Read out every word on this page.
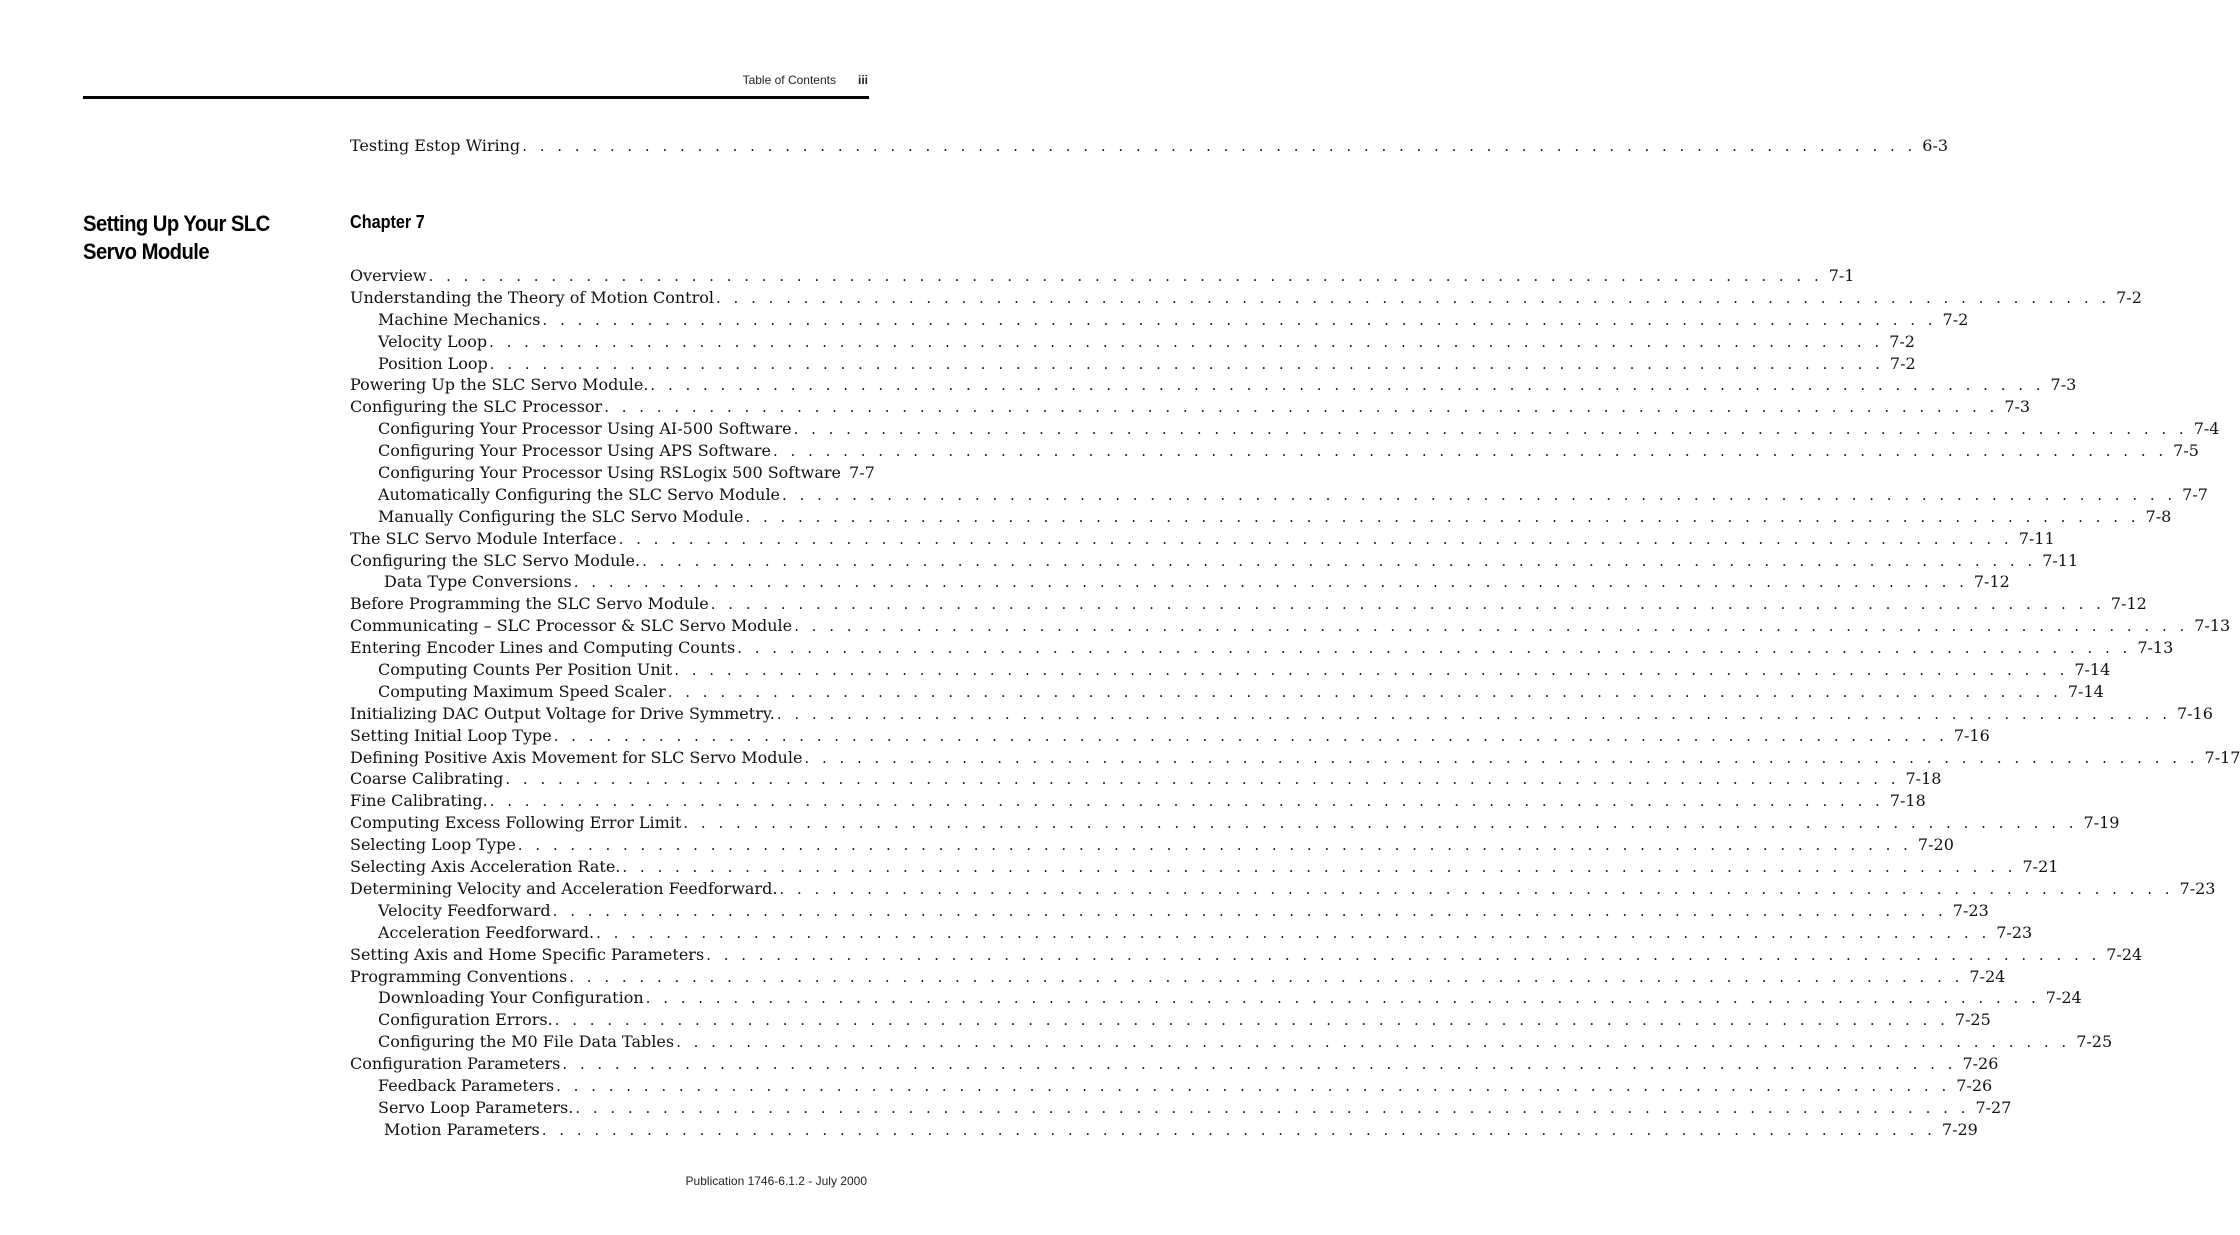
Table of Contents iii
Testing Estop Wiring . . . . . . . . . . . . . . . . . . . . . . . . . . . . . . . . . . . . . . . . . . . . . . . . . . . . . . . . . . . . . . . . . . . . . . . . . . . . . . . . 6-3
Setting Up Your SLC Servo Module
Chapter 7
Overview . . . . . . . . . . . . . . . . . . . . . . . . . . . . . . . . . . . . . . . . . . . . . . . . . . . . . . . . . . . . . . . . . . . . . . . . . . . . . . . . 7-1
Understanding the Theory of Motion Control . . . . . . . . . . . . . . . . . . . . . . . . . . . . . . . . . . . . . . . . . . . . . . . . . . . . . . . . . . . . . . . . . . . . . . . . . . . . . . . . 7-2
Machine Mechanics . . . . . . . . . . . . . . . . . . . . . . . . . . . . . . . . . . . . . . . . . . . . . . . . . . . . . . . . . . . . . . . . . . . . . . . . . . . . . . . . 7-2
Velocity Loop . . . . . . . . . . . . . . . . . . . . . . . . . . . . . . . . . . . . . . . . . . . . . . . . . . . . . . . . . . . . . . . . . . . . . . . . . . . . . . . . 7-2
Position Loop . . . . . . . . . . . . . . . . . . . . . . . . . . . . . . . . . . . . . . . . . . . . . . . . . . . . . . . . . . . . . . . . . . . . . . . . . . . . . . . . 7-2
Powering Up the SLC Servo Module. . . . . . . . . . . . . . . . . . . . . . . . . . . . . . . . . . . . . . . . . . . . . . . . . . . . . . . . . . . . . . . . . . . . . . . . . . . . . . . . . 7-3
Configuring the SLC Processor . . . . . . . . . . . . . . . . . . . . . . . . . . . . . . . . . . . . . . . . . . . . . . . . . . . . . . . . . . . . . . . . . . . . . . . . . . . . . . . . 7-3
Configuring Your Processor Using AI-500 Software . . . . . . . . . . . . . . . . . . . . . . . . . . . . . . . . . . . . . . . . . . . . . . . . . . . . . . . . . . . . . . . . . . . . . . . . . . . . . . . . 7-4
Configuring Your Processor Using APS Software . . . . . . . . . . . . . . . . . . . . . . . . . . . . . . . . . . . . . . . . . . . . . . . . . . . . . . . . . . . . . . . . . . . . . . . . . . . . . . . . 7-5
Configuring Your Processor Using RSLogix 500 Software 7-7
Automatically Configuring the SLC Servo Module . . . . . . . . . . . . . . . . . . . . . . . . . . . . . . . . . . . . . . . . . . . . . . . . . . . . . . . . . . . . . . . . . . . . . . . . . . . . . . . . 7-7
Manually Configuring the SLC Servo Module . . . . . . . . . . . . . . . . . . . . . . . . . . . . . . . . . . . . . . . . . . . . . . . . . . . . . . . . . . . . . . . . . . . . . . . . . . . . . . . . 7-8
The SLC Servo Module Interface . . . . . . . . . . . . . . . . . . . . . . . . . . . . . . . . . . . . . . . . . . . . . . . . . . . . . . . . . . . . . . . . . . . . . . . . . . . . . . . . 7-11
Configuring the SLC Servo Module. . . . . . . . . . . . . . . . . . . . . . . . . . . . . . . . . . . . . . . . . . . . . . . . . . . . . . . . . . . . . . . . . . . . . . . . . . . . . . . . . 7-11
Data Type Conversions . . . . . . . . . . . . . . . . . . . . . . . . . . . . . . . . . . . . . . . . . . . . . . . . . . . . . . . . . . . . . . . . . . . . . . . . . . . . . . . . 7-12
Before Programming the SLC Servo Module . . . . . . . . . . . . . . . . . . . . . . . . . . . . . . . . . . . . . . . . . . . . . . . . . . . . . . . . . . . . . . . . . . . . . . . . . . . . . . . . 7-12
Communicating – SLC Processor & SLC Servo Module . . . . . . . . . . . . . . . . . . . . . . . . . . . . . . . . . . . . . . . . . . . . . . . . . . . . . . . . . . . . . . . . . . . . . . . . . . . . . . . . 7-13
Entering Encoder Lines and Computing Counts . . . . . . . . . . . . . . . . . . . . . . . . . . . . . . . . . . . . . . . . . . . . . . . . . . . . . . . . . . . . . . . . . . . . . . . . . . . . . . . . 7-13
Computing Counts Per Position Unit . . . . . . . . . . . . . . . . . . . . . . . . . . . . . . . . . . . . . . . . . . . . . . . . . . . . . . . . . . . . . . . . . . . . . . . . . . . . . . . . 7-14
Computing Maximum Speed Scaler . . . . . . . . . . . . . . . . . . . . . . . . . . . . . . . . . . . . . . . . . . . . . . . . . . . . . . . . . . . . . . . . . . . . . . . . . . . . . . . . 7-14
Initializing DAC Output Voltage for Drive Symmetry. . . . . . . . . . . . . . . . . . . . . . . . . . . . . . . . . . . . . . . . . . . . . . . . . . . . . . . . . . . . . . . . . . . . . . . . . . . . . . . . . 7-16
Setting Initial Loop Type . . . . . . . . . . . . . . . . . . . . . . . . . . . . . . . . . . . . . . . . . . . . . . . . . . . . . . . . . . . . . . . . . . . . . . . . . . . . . . . . 7-16
Defining Positive Axis Movement for SLC Servo Module . . . . . . . . . . . . . . . . . . . . . . . . . . . . . . . . . . . . . . . . . . . . . . . . . . . . . . . . . . . . . . . . . . . . . . . . . . . . . . . . 7-17
Coarse Calibrating . . . . . . . . . . . . . . . . . . . . . . . . . . . . . . . . . . . . . . . . . . . . . . . . . . . . . . . . . . . . . . . . . . . . . . . . . . . . . . . . 7-18
Fine Calibrating. . . . . . . . . . . . . . . . . . . . . . . . . . . . . . . . . . . . . . . . . . . . . . . . . . . . . . . . . . . . . . . . . . . . . . . . . . . . . . . . . 7-18
Computing Excess Following Error Limit . . . . . . . . . . . . . . . . . . . . . . . . . . . . . . . . . . . . . . . . . . . . . . . . . . . . . . . . . . . . . . . . . . . . . . . . . . . . . . . . 7-19
Selecting Loop Type . . . . . . . . . . . . . . . . . . . . . . . . . . . . . . . . . . . . . . . . . . . . . . . . . . . . . . . . . . . . . . . . . . . . . . . . . . . . . . . . 7-20
Selecting Axis Acceleration Rate. . . . . . . . . . . . . . . . . . . . . . . . . . . . . . . . . . . . . . . . . . . . . . . . . . . . . . . . . . . . . . . . . . . . . . . . . . . . . . . . . 7-21
Determining Velocity and Acceleration Feedforward. . . . . . . . . . . . . . . . . . . . . . . . . . . . . . . . . . . . . . . . . . . . . . . . . . . . . . . . . . . . . . . . . . . . . . . . . . . . . . . . . 7-23
Velocity Feedforward . . . . . . . . . . . . . . . . . . . . . . . . . . . . . . . . . . . . . . . . . . . . . . . . . . . . . . . . . . . . . . . . . . . . . . . . . . . . . . . . 7-23
Acceleration Feedforward. . . . . . . . . . . . . . . . . . . . . . . . . . . . . . . . . . . . . . . . . . . . . . . . . . . . . . . . . . . . . . . . . . . . . . . . . . . . . . . . . 7-23
Setting Axis and Home Specific Parameters . . . . . . . . . . . . . . . . . . . . . . . . . . . . . . . . . . . . . . . . . . . . . . . . . . . . . . . . . . . . . . . . . . . . . . . . . . . . . . . . 7-24
Programming Conventions . . . . . . . . . . . . . . . . . . . . . . . . . . . . . . . . . . . . . . . . . . . . . . . . . . . . . . . . . . . . . . . . . . . . . . . . . . . . . . . . 7-24
Downloading Your Configuration . . . . . . . . . . . . . . . . . . . . . . . . . . . . . . . . . . . . . . . . . . . . . . . . . . . . . . . . . . . . . . . . . . . . . . . . . . . . . . . . 7-24
Configuration Errors. . . . . . . . . . . . . . . . . . . . . . . . . . . . . . . . . . . . . . . . . . . . . . . . . . . . . . . . . . . . . . . . . . . . . . . . . . . . . . . . . 7-25
Configuring the M0 File Data Tables . . . . . . . . . . . . . . . . . . . . . . . . . . . . . . . . . . . . . . . . . . . . . . . . . . . . . . . . . . . . . . . . . . . . . . . . . . . . . . . . 7-25
Configuration Parameters . . . . . . . . . . . . . . . . . . . . . . . . . . . . . . . . . . . . . . . . . . . . . . . . . . . . . . . . . . . . . . . . . . . . . . . . . . . . . . . . 7-26
Feedback Parameters . . . . . . . . . . . . . . . . . . . . . . . . . . . . . . . . . . . . . . . . . . . . . . . . . . . . . . . . . . . . . . . . . . . . . . . . . . . . . . . . 7-26
Servo Loop Parameters. . . . . . . . . . . . . . . . . . . . . . . . . . . . . . . . . . . . . . . . . . . . . . . . . . . . . . . . . . . . . . . . . . . . . . . . . . . . . . . . . 7-27
Motion Parameters . . . . . . . . . . . . . . . . . . . . . . . . . . . . . . . . . . . . . . . . . . . . . . . . . . . . . . . . . . . . . . . . . . . . . . . . . . . . . . . . 7-29
Publication 1746-6.1.2 - July 2000
